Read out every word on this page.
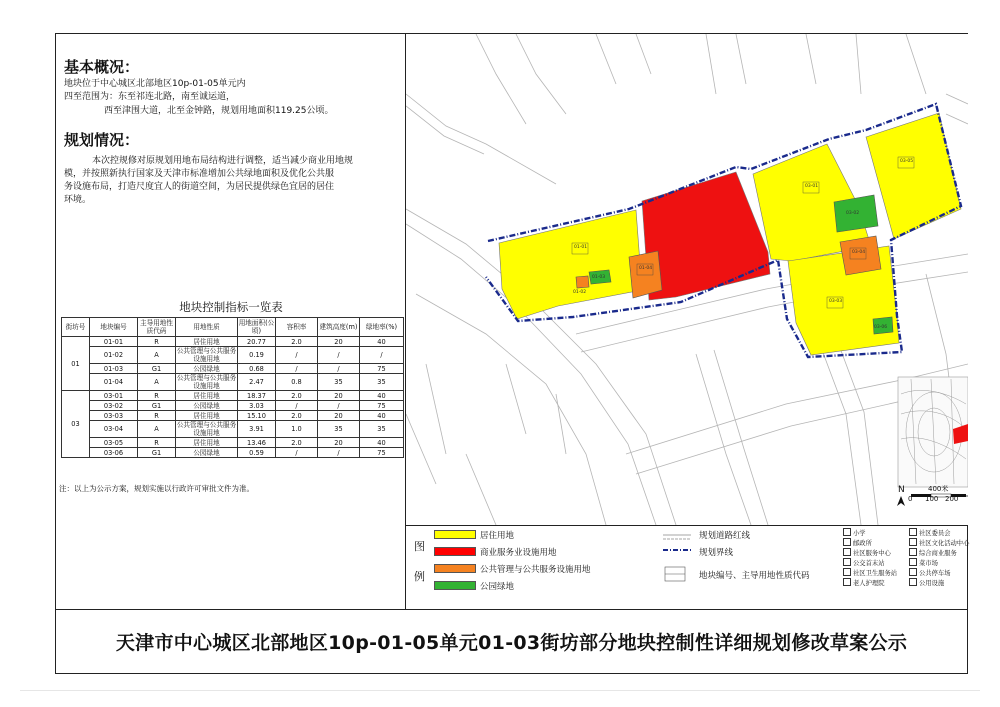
基本概况：
地块位于中心城区北部地区10p-01-05单元内
四至范围为：东至祁连北路，南至诚运道，
西至津围大道，北至金钟路，规划用地面积119.25公顷。
规划情况：
本次控规修对原规划用地布局结构进行调整，适当减少商业用地规
模，并按照新执行国家及天津市标准增加公共绿地面积及优化公共服
务设施布局，打造尺度宜人的街道空间，为居民提供绿色宜居的居住
环境。
地块控制指标一览表
街坊号	地块编号	主导用地性质代码	用地性质	用地面积(公顷)	容积率	建筑高度(m)	绿地率(%)
01	01-01	R	居住用地	20.77	2.0	20	40
	01-02	A	公共管理与公共服务设施用地	0.19	/	/	/
	01-03	G1	公园绿地	0.68	/	/	75
	01-04	A	公共管理与公共服务设施用地	2.47	0.8	35	35
03	03-01	R	居住用地	18.37	2.0	20	40
	03-02	G1	公园绿地	3.03	/	/	75
	03-03	R	居住用地	15.10	2.0	20	40
	03-04	A	公共管理与公共服务设施用地	3.91	1.0	35	35
	03-05	R	居住用地	13.46	2.0	20	40
	03-06	G1	公园绿地	0.59	/	/	75
注：以上为公示方案，规划实施以行政许可审批文件为准。
01-01
03-01
03-05
03-03
01-04
03-04
03-02
01-03
01-02
03-06
N
0 100 200
图
例
居住用地
商业服务业设施用地
公共管理与公共服务设施用地
公园绿地
规划道路红线
规划界线
地块编号、主导用地性质代码
小学	社区委员会
邮政所	社区文化活动中心
社区服务中心	综合商业服务
公交首末站	菜市场
社区卫生服务站	公共停车场
老人护理院	公用设施
天津市中心城区北部地区10p-01-05单元01-03街坊部分地块控制性详细规划修改草案公示
400米
